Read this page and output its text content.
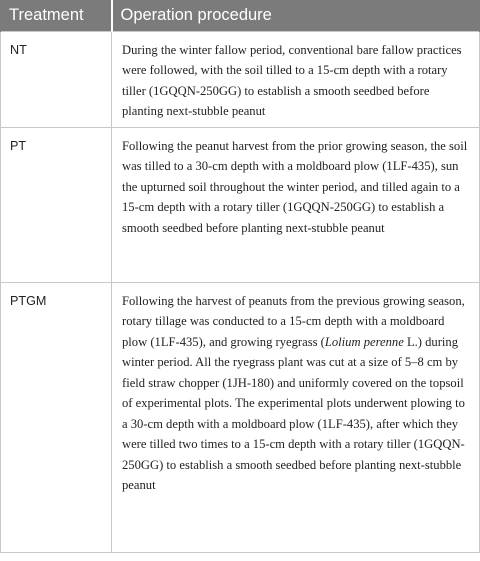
Treatment	Operation procedure
NT	During the winter fallow period, conventional bare fallow practices were followed, with the soil tilled to a 15-cm depth with a rotary tiller (1GQQN-250GG) to establish a smooth seedbed before planting next-stubble peanut
PT	Following the peanut harvest from the prior growing season, the soil was tilled to a 30-cm depth with a moldboard plow (1LF-435), sun the upturned soil throughout the winter period, and tilled again to a 15-cm depth with a rotary tiller (1GQQN-250GG) to establish a smooth seedbed before planting next-stubble peanut
PTGM	Following the harvest of peanuts from the previous growing season, rotary tillage was conducted to a 15-cm depth with a moldboard plow (1LF-435), and growing ryegrass (Lolium perenne L.) during winter period. All the ryegrass plant was cut at a size of 5–8 cm by field straw chopper (1JH-180) and uniformly covered on the topsoil of experimental plots. The experimental plots underwent plowing to a 30-cm depth with a moldboard plow (1LF-435), after which they were tilled two times to a 15-cm depth with a rotary tiller (1GQQN-250GG) to establish a smooth seedbed before planting next-stubble peanut
